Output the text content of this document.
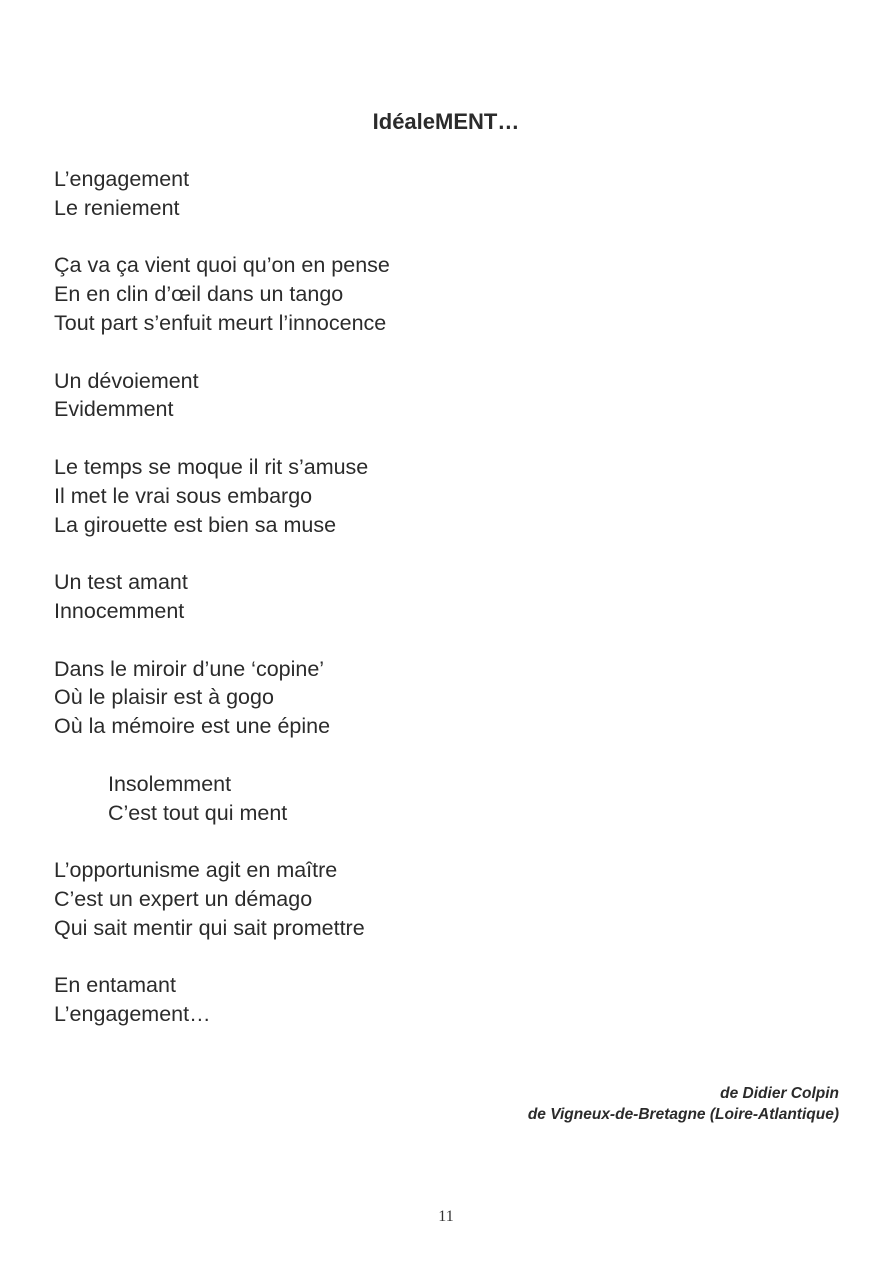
IdéaleMENT…
L’engagement
Le reniement
Ça va ça vient quoi qu’on en pense
En en clin d’œil dans un tango
Tout part s’enfuit meurt l’innocence
Un dévoiement
Evidemment
Le temps se moque il rit s’amuse
Il met le vrai sous embargo
La girouette est bien sa muse
Un test amant
Innocemment
Dans le miroir d’une ‘copine’
Où le plaisir est à gogo
Où la mémoire est une épine
Insolemment
C’est tout qui ment
L’opportunisme agit en maître
C’est un expert un démago
Qui sait mentir qui sait promettre
En entamant
L’engagement…
de Didier Colpin
de Vigneux-de-Bretagne (Loire-Atlantique)
11
